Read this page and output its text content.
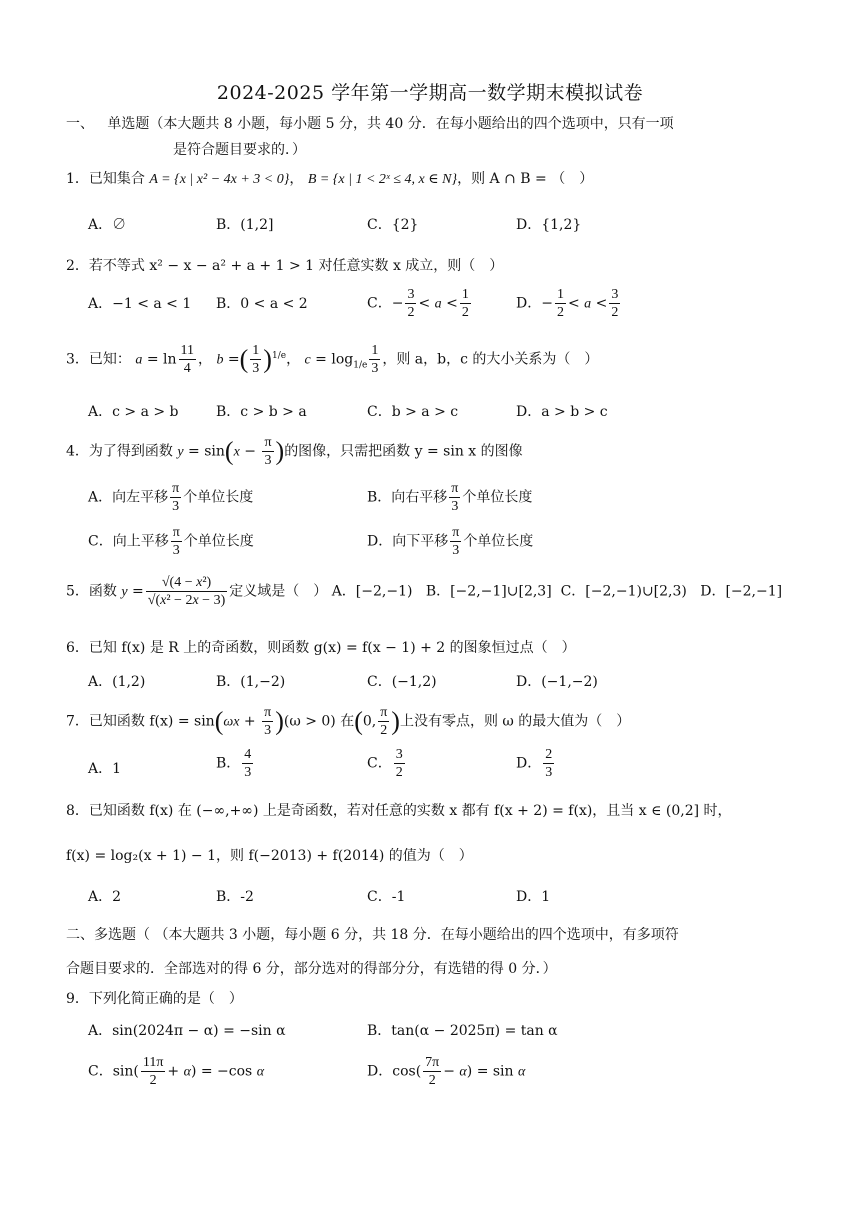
2024-2025 学年第一学期高一数学期末模拟试卷
一、 单选题（本大题共 8 小题，每小题 5 分，共 40 分．在每小题给出的四个选项中，只有一项
是符合题目要求的．）
1．已知集合 A = {x | x² − 4x + 3 < 0}， B = {x | 1 < 2ˣ ≤ 4, x ∈ N}，则 A ∩ B = （　）
A．∅	B．(1,2]	C．{2}	D．{1,2}
2．若不等式 x² − x − a² + a + 1 > 1 对任意实数 x 成立，则（　）
A．−1 < a < 1 B．0 < a < 2	C．− $\frac{3}{2} < a < \frac{1}{2}$	D．− $\frac{1}{2} < a < \frac{3}{2}$
3．已知： $a = \ln \frac{11}{4}$ ， b =( $\frac{1}{3} )^{1/e}$， $c = \log_{1/e} \frac{1}{3}$ ，则 a，b，c 的大小关系为（　）
A．c > a > b	B．c > b > a	C．b > a > c	D．a > b > c
4．为了得到函数 $y = \sin(x - \frac{\pi}{3}$ )的图像，只需把函数 y = sin x 的图像
A．向左平移 $\frac{\pi}{3}$ 个单位长度	B．向右平移 $\frac{\pi}{3}$ 个单位长度
C．向上平移 $\frac{\pi}{3}$ 个单位长度	D．向下平移 $\frac{\pi}{3}$ 个单位长度
5．函数 $y = \frac{\text{√(4 − x²)}}{\text{√(x² − 2x − 3)}}$ 定义域是（　） A．[−2,−1) B．[−2,−1]∪[2,3] C．[−2,−1)∪[2,3) D．[−2,−1]
6．已知 f(x) 是 R 上的奇函数，则函数 g(x) = f(x − 1) + 2 的图象恒过点（　）
A．(1,2)	B．(1,−2)	C．(−1,2)	D．(−1,−2)
7．已知函数 $f(x) = \sin(\omega x + \frac{\pi}{3} )(\omega > 0)$ 在(0, $\frac{\pi}{2}$ )上没有零点，则 ω 的最大值为（　）
A．1	B． $\frac{4}{3}$	C． $\frac{3}{2}$	D． $\frac{2}{3}$
8．已知函数 f(x) 在 (−∞,+∞) 上是奇函数，若对任意的实数 x 都有 f(x + 2) = f(x)，且当 x ∈ (0,2] 时，
f(x) = log₂(x + 1) − 1，则 f(−2013) + f(2014) 的值为（　）
A．2	B．-2	C．-1	D．1
二、多选题（ （本大题共 3 小题，每小题 6 分，共 18 分．在每小题给出的四个选项中，有多项符
合题目要求的．全部选对的得 6 分，部分选对的得部分分，有选错的得 0 分．）
9．下列化简正确的是（　）
A．sin(2024π − α) = −sin α	B．tan(α − 2025π) = tan α
C．$\sin( \frac{11\pi}{2} + \alpha) = -\cos$ α	D．$\cos( \frac{7\pi}{2} - \alpha) = \sin \alpha$
